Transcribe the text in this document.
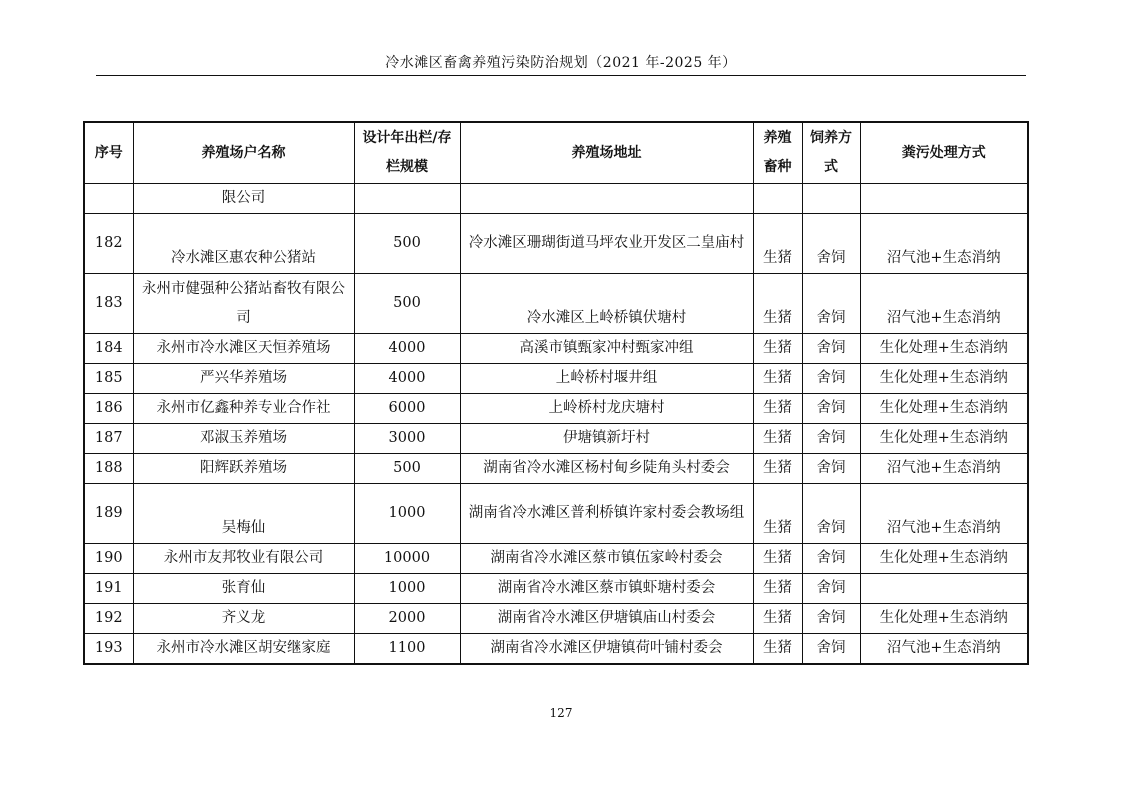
冷水滩区畜禽养殖污染防治规划（2021 年-2025 年）
序号	养殖场户名称	设计年出栏/存栏规模	养殖场地址	养殖畜种	饲养方式	粪污处理方式
	限公司					
182	冷水滩区惠农种公猪站	500	冷水滩区珊瑚街道马坪农业开发区二皇庙村	生猪	舍饲	沼气池+生态消纳
183	永州市健强种公猪站畜牧有限公司	500	冷水滩区上岭桥镇伏塘村	生猪	舍饲	沼气池+生态消纳
184	永州市冷水滩区天恒养殖场	4000	高溪市镇甄家冲村甄家冲组	生猪	舍饲	生化处理+生态消纳
185	严兴华养殖场	4000	上岭桥村堰井组	生猪	舍饲	生化处理+生态消纳
186	永州市亿鑫种养专业合作社	6000	上岭桥村龙庆塘村	生猪	舍饲	生化处理+生态消纳
187	邓淑玉养殖场	3000	伊塘镇新圩村	生猪	舍饲	生化处理+生态消纳
188	阳辉跃养殖场	500	湖南省冷水滩区杨村甸乡陡角头村委会	生猪	舍饲	沼气池+生态消纳
189	吴梅仙	1000	湖南省冷水滩区普利桥镇许家村委会教场组	生猪	舍饲	沼气池+生态消纳
190	永州市友邦牧业有限公司	10000	湖南省冷水滩区蔡市镇伍家岭村委会	生猪	舍饲	生化处理+生态消纳
191	张育仙	1000	湖南省冷水滩区蔡市镇虾塘村委会	生猪	舍饲	
192	齐义龙	2000	湖南省冷水滩区伊塘镇庙山村委会	生猪	舍饲	生化处理+生态消纳
193	永州市冷水滩区胡安继家庭	1100	湖南省冷水滩区伊塘镇荷叶铺村委会	生猪	舍饲	沼气池+生态消纳
127
